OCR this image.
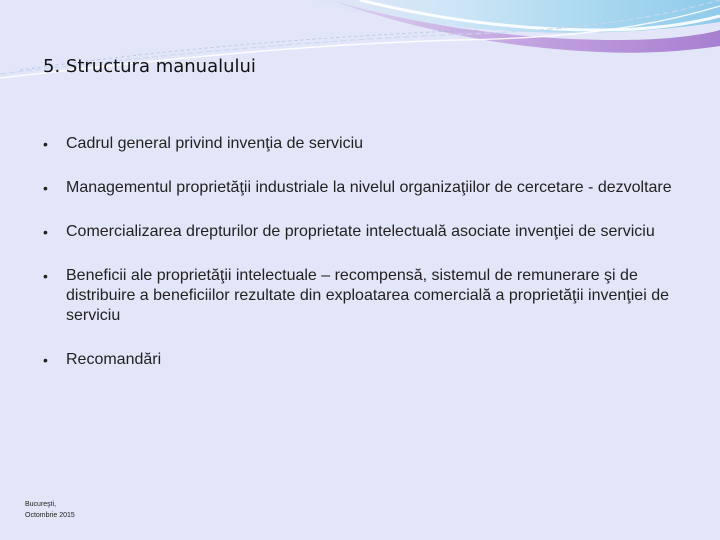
5. Structura manualului
• Cadrul general privind invenţia de serviciu
• Managementul proprietăţii industriale la nivelul organizaţiilor de cercetare - dezvoltare
• Comercializarea drepturilor de proprietate intelectuală asociate invenţiei de serviciu
• Beneficii ale proprietăţii intelectuale – recompensă, sistemul de remunerare şi de distribuire a beneficiilor rezultate din exploatarea comercială a proprietăţii invenţiei de serviciu
• Recomandări
Bucureşti,
Octombrie 2015
